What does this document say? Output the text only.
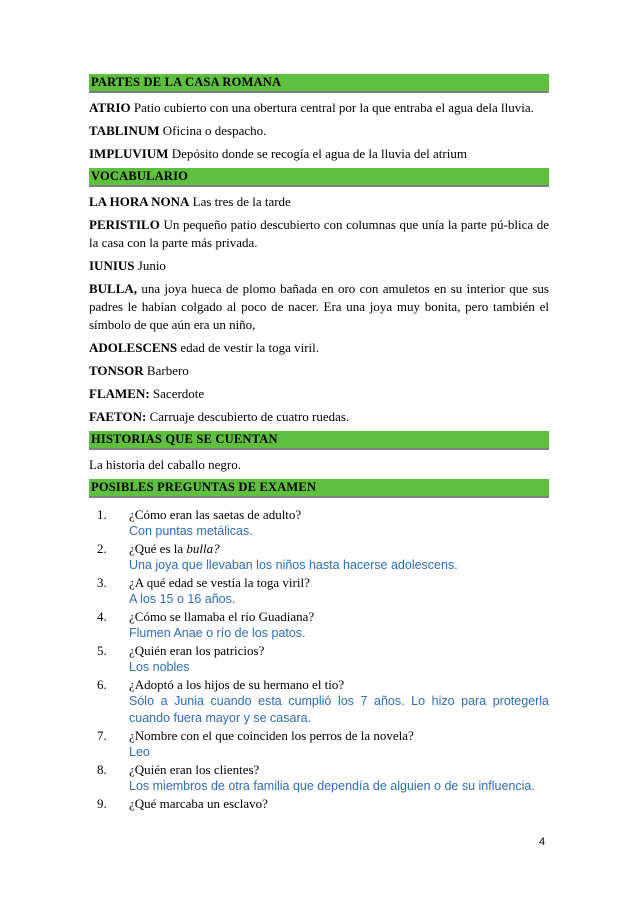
PARTES DE LA CASA ROMANA

ATRIO Patio cubierto con una obertura central por la que entraba el agua dela lluvia.

TABLINUM Oficina o despacho.

IMPLUVIUM Depósito donde se recogía el agua de la lluvia del atrium

VOCABULARIO

LA HORA NONA Las tres de la tarde

PERISTILO Un pequeño patio descubierto con columnas que unía la parte pú-blica de la casa con la parte más privada.

IUNIUS Junio

BULLA, una joya hueca de plomo bañada en oro con amuletos en su interior que sus padres le habían colgado al poco de nacer. Era una joya muy bonita, pero también el símbolo de que aún era un niño,

ADOLESCENS edad de vestir la toga viril.

TONSOR Barbero

FLAMEN: Sacerdote

FAETON: Carruaje descubierto de cuatro ruedas.

HISTORIAS QUE SE CUENTAN

La historia del caballo negro.

POSIBLES PREGUNTAS DE EXAMEN
1. ¿Cómo eran las saetas de adulto?
Con puntas metálicas.
2. ¿Qué es la bulla?
Una joya que llevaban los niños hasta hacerse adolescens.
3. ¿A qué edad se vestía la toga viril?
A los 15 o 16 años.
4. ¿Cómo se llamaba el río Guadiana?
Flumen Anae o río de los patos.
5. ¿Quién eran los patricios?
Los nobles
6. ¿Adoptó a los hijos de su hermano el tío?
Sólo a Junia cuando esta cumplió los 7 años. Lo hizo para protegerla cuando fuera mayor y se casara.
7. ¿Nombre con el que coinciden los perros de la novela?
Leo
8. ¿Quién eran los clientes?
Los miembros de otra familia que dependía de alguien o de su influencia.
9. ¿Qué marcaba un esclavo?
4
